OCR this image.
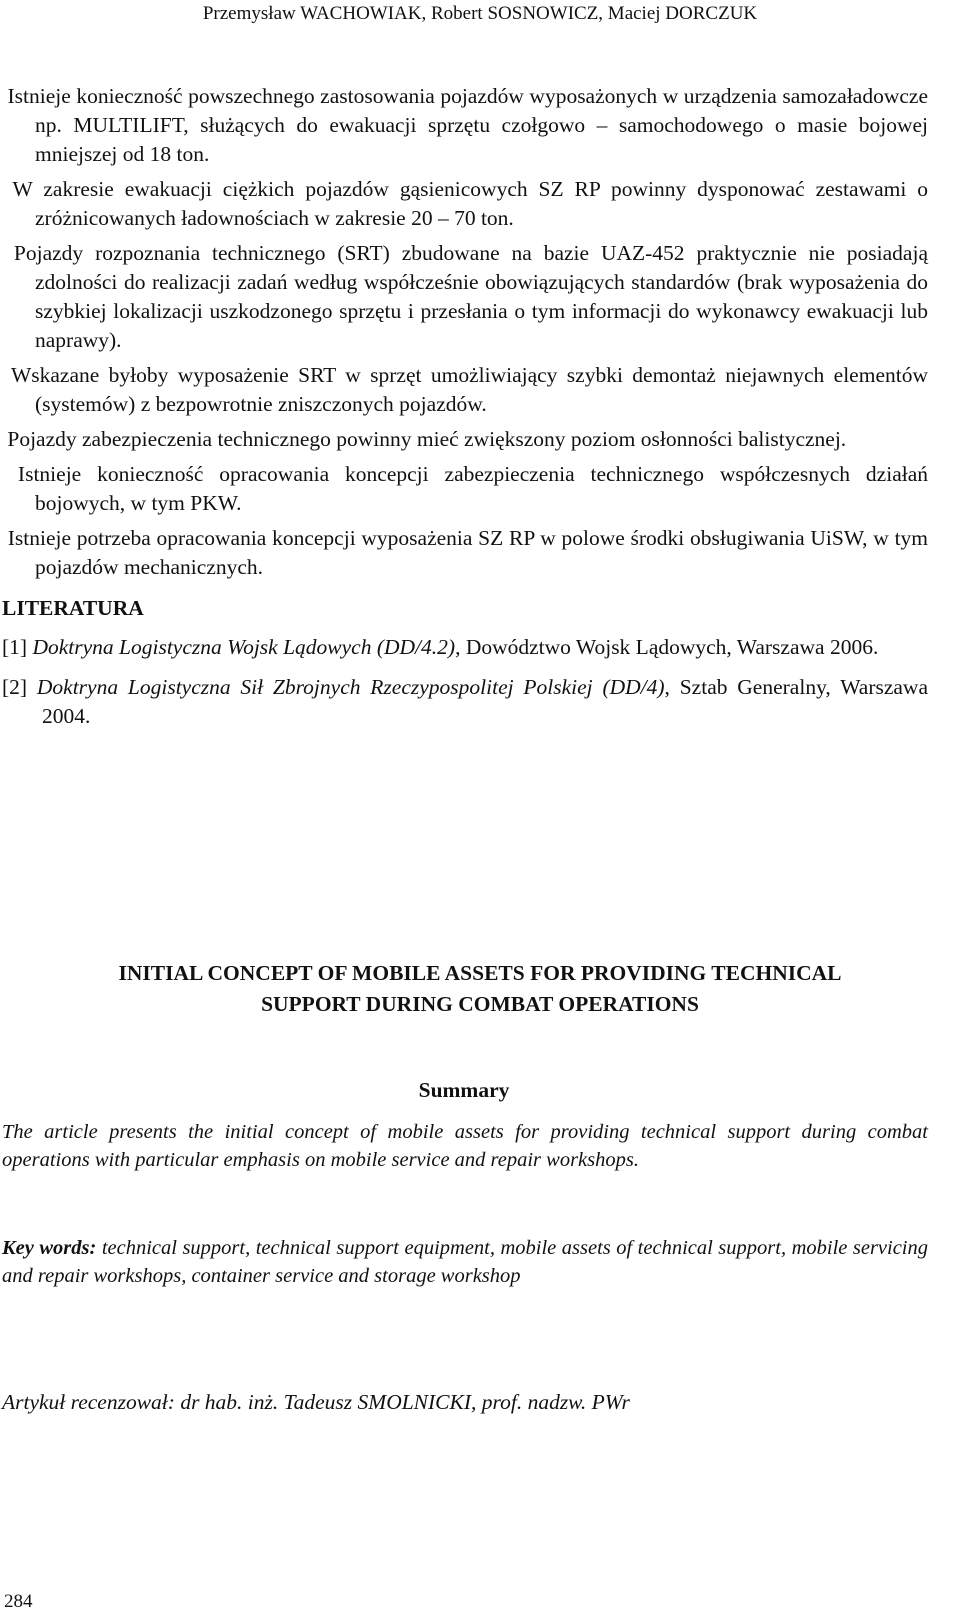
Przemysław WACHOWIAK, Robert SOSNOWICZ, Maciej DORCZUK

Istnieje konieczność powszechnego zastosowania pojazdów wyposażonych w urządzenia samozaładowcze np. MULTILIFT, służących do ewakuacji sprzętu czołgowo – samochodowego o masie bojowej mniejszej od 18 ton.

W zakresie ewakuacji ciężkich pojazdów gąsienicowych SZ RP powinny dysponować zestawami o zróżnicowanych ładownościach w zakresie 20 – 70 ton.

Pojazdy rozpoznania technicznego (SRT) zbudowane na bazie UAZ-452 praktycznie nie posiadają zdolności do realizacji zadań według współcześnie obowiązujących standardów (brak wyposażenia do szybkiej lokalizacji uszkodzonego sprzętu i przesłania o tym informacji do wykonawcy ewakuacji lub naprawy).

Wskazane byłoby wyposażenie SRT w sprzęt umożliwiający szybki demontaż niejawnych elementów (systemów) z bezpowrotnie zniszczonych pojazdów.

Pojazdy zabezpieczenia technicznego powinny mieć zwiększony poziom osłonności balistycznej.

Istnieje konieczność opracowania koncepcji zabezpieczenia technicznego współczesnych działań bojowych, w tym PKW.

Istnieje potrzeba opracowania koncepcji wyposażenia SZ RP w polowe środki obsługiwania UiSW, w tym pojazdów mechanicznych.

LITERATURA

[1] Doktryna Logistyczna Wojsk Lądowych (DD/4.2), Dowództwo Wojsk Lądowych, Warszawa 2006.

[2] Doktryna Logistyczna Sił Zbrojnych Rzeczypospolitej Polskiej (DD/4), Sztab Generalny, Warszawa 2004.

INITIAL CONCEPT OF MOBILE ASSETS FOR PROVIDING TECHNICAL
SUPPORT DURING COMBAT OPERATIONS
Summary
The article presents the initial concept of mobile assets for providing technical support during combat operations with particular emphasis on mobile service and repair workshops.
Key words: technical support, technical support equipment, mobile assets of technical support, mobile servicing and repair workshops, container service and storage workshop
Artykuł recenzował: dr hab. inż. Tadeusz SMOLNICKI, prof. nadzw. PWr
284
